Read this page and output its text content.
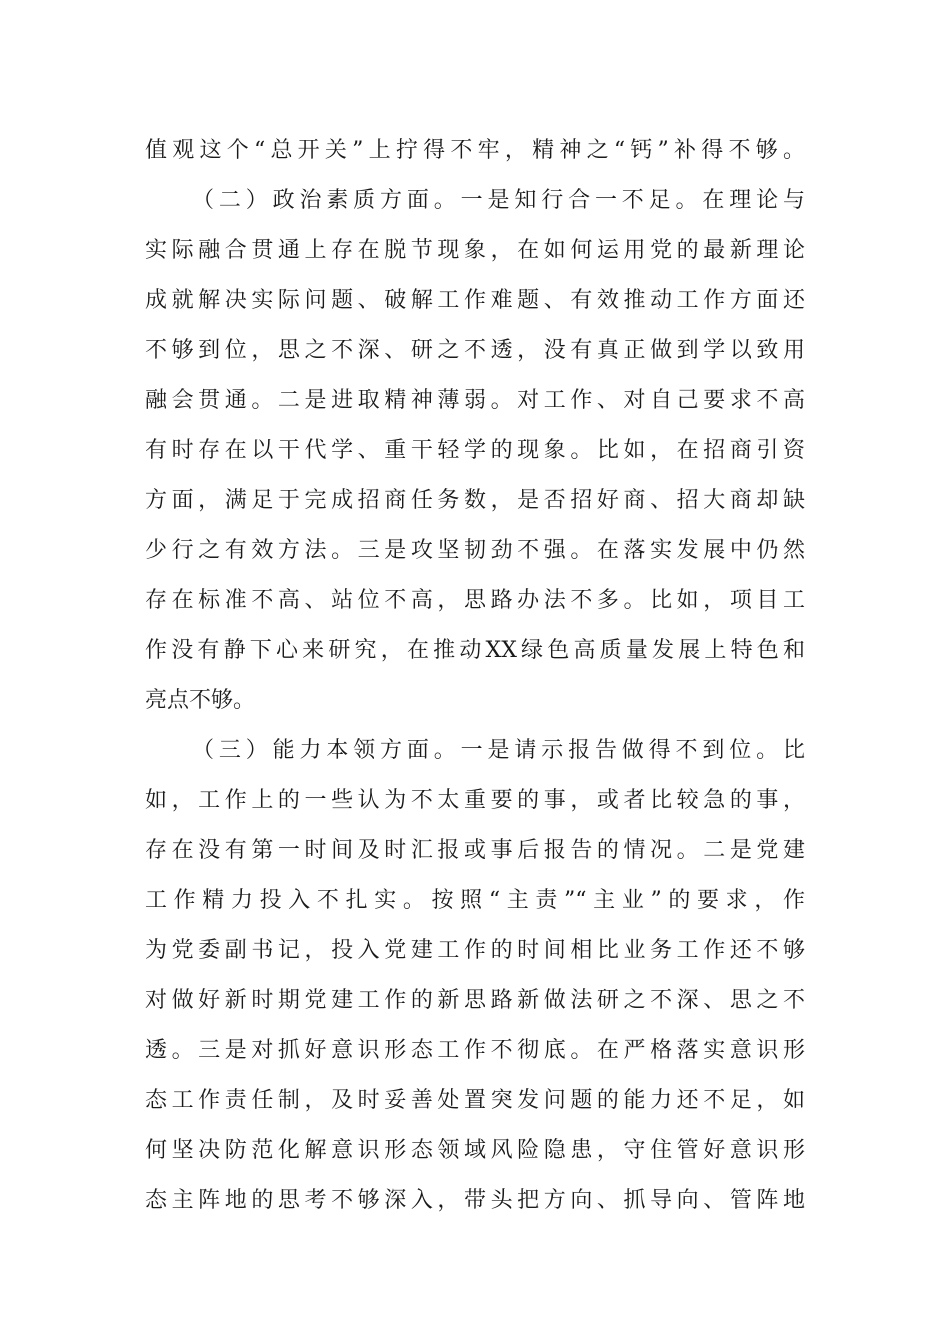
值观这个“总开关”上拧得不牢，精神之“钙”补得不够。
（二）政治素质方面。一是知行合一不足。在理论与
实际融合贯通上存在脱节现象，在如何运用党的最新理论
成就解决实际问题、破解工作难题、有效推动工作方面还
不够到位，思之不深、研之不透，没有真正做到学以致用
融会贯通。二是进取精神薄弱。对工作、对自己要求不高
有时存在以干代学、重干轻学的现象。比如，在招商引资
方面，满足于完成招商任务数，是否招好商、招大商却缺
少行之有效方法。三是攻坚韧劲不强。在落实发展中仍然
存在标准不高、站位不高，思路办法不多。比如，项目工
作没有静下心来研究，在推动XX绿色高质量发展上特色和
亮点不够。
（三）能力本领方面。一是请示报告做得不到位。比
如，工作上的一些认为不太重要的事，或者比较急的事，
存在没有第一时间及时汇报或事后报告的情况。二是党建
工作精力投入不扎实。按照“主责”“主业”的要求，作
为党委副书记，投入党建工作的时间相比业务工作还不够
对做好新时期党建工作的新思路新做法研之不深、思之不
透。三是对抓好意识形态工作不彻底。在严格落实意识形
态工作责任制，及时妥善处置突发问题的能力还不足，如
何坚决防范化解意识形态领域风险隐患，守住管好意识形
态主阵地的思考不够深入，带头把方向、抓导向、管阵地
